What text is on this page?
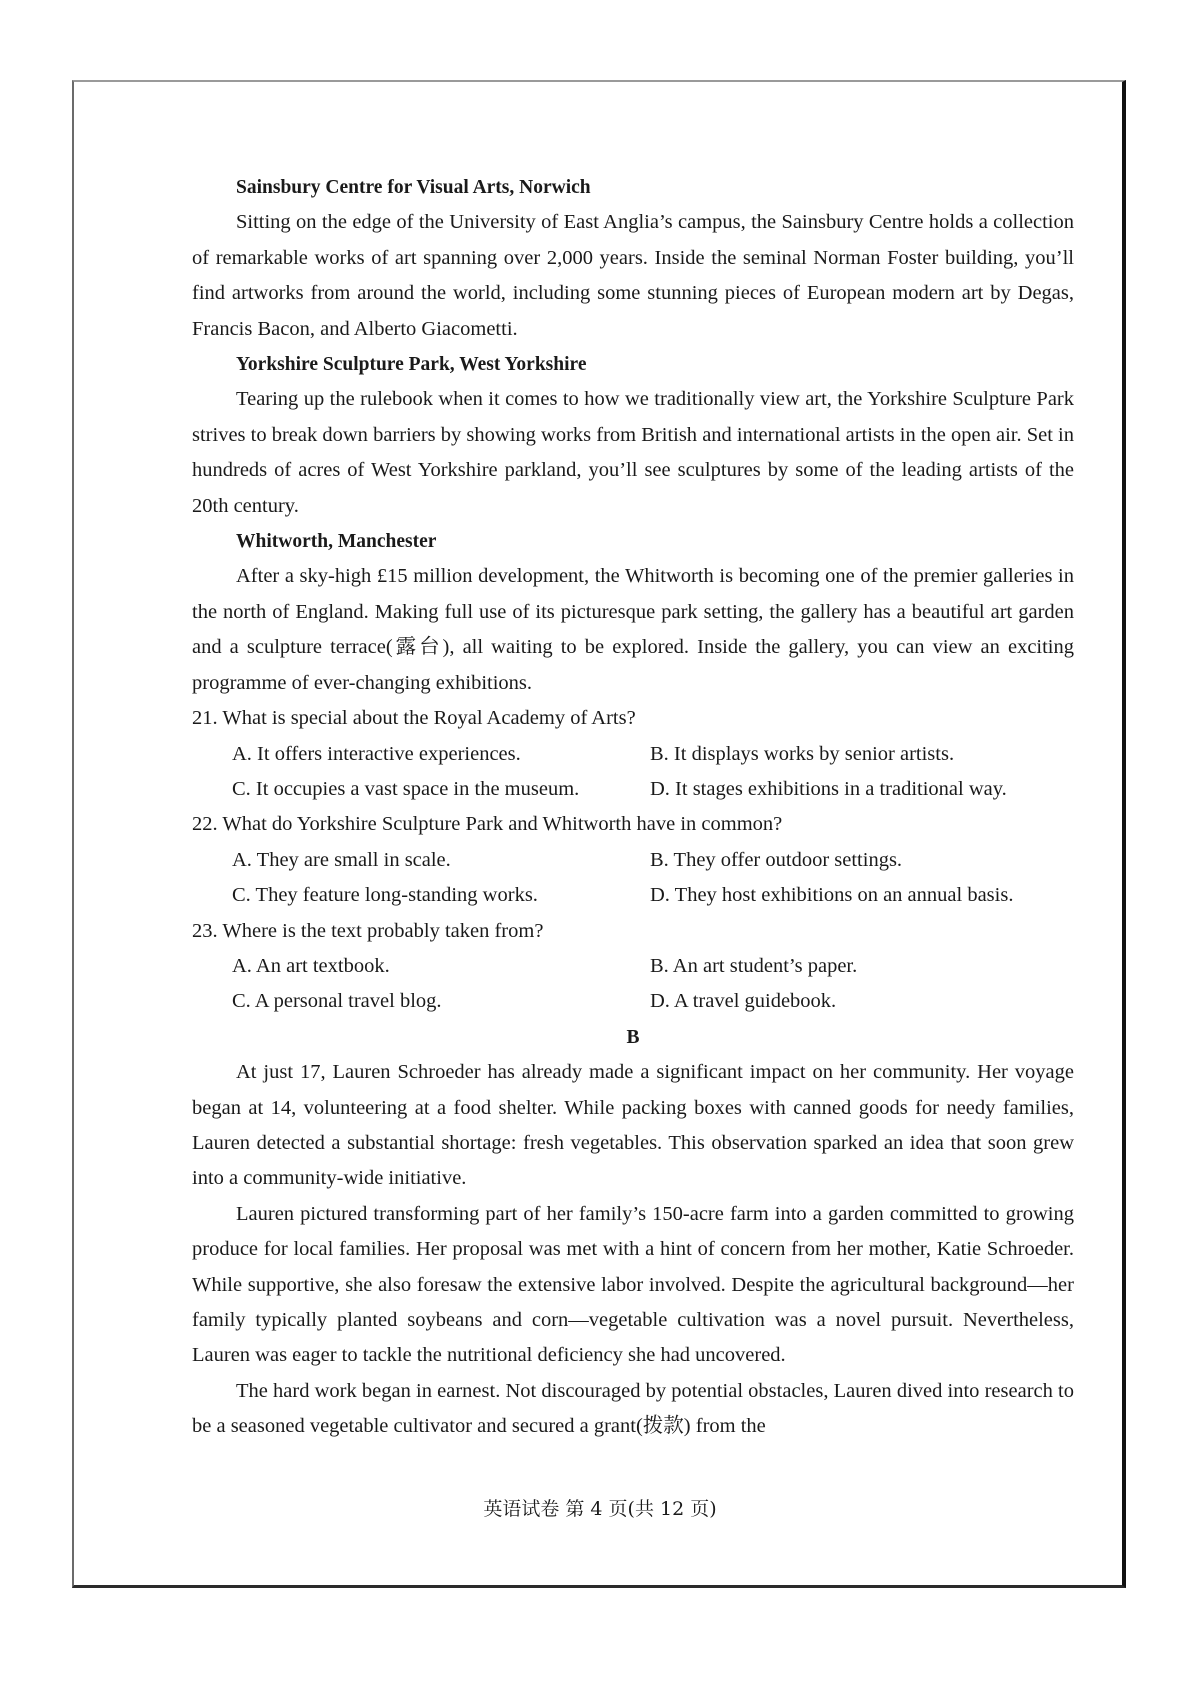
Sainsbury Centre for Visual Arts, Norwich

Sitting on the edge of the University of East Anglia’s campus, the Sainsbury Centre holds a collection of remarkable works of art spanning over 2,000 years. Inside the seminal Norman Foster building, you’ll find artworks from around the world, including some stunning pieces of European modern art by Degas, Francis Bacon, and Alberto Giacometti.

Yorkshire Sculpture Park, West Yorkshire

Tearing up the rulebook when it comes to how we traditionally view art, the Yorkshire Sculpture Park strives to break down barriers by showing works from British and international artists in the open air. Set in hundreds of acres of West Yorkshire parkland, you’ll see sculptures by some of the leading artists of the 20th century.

Whitworth, Manchester

After a sky-high £15 million development, the Whitworth is becoming one of the premier galleries in the north of England. Making full use of its picturesque park setting, the gallery has a beautiful art garden and a sculpture terrace(露台), all waiting to be explored. Inside the gallery, you can view an exciting programme of ever-changing exhibitions.

21. What is special about the Royal Academy of Arts?

A. It offers interactive experiences.	B. It displays works by senior artists.
C. It occupies a vast space in the museum.	D. It stages exhibitions in a traditional way.

22. What do Yorkshire Sculpture Park and Whitworth have in common?

A. They are small in scale.	B. They offer outdoor settings.
C. They feature long-standing works.	D. They host exhibitions on an annual basis.

23. Where is the text probably taken from?

A. An art textbook.	B. An art student’s paper.
C. A personal travel blog.	D. A travel guidebook.

B

At just 17, Lauren Schroeder has already made a significant impact on her community. Her voyage began at 14, volunteering at a food shelter. While packing boxes with canned goods for needy families, Lauren detected a substantial shortage: fresh vegetables. This observation sparked an idea that soon grew into a community-wide initiative.

Lauren pictured transforming part of her family’s 150-acre farm into a garden committed to growing produce for local families. Her proposal was met with a hint of concern from her mother, Katie Schroeder. While supportive, she also foresaw the extensive labor involved. Despite the agricultural background—her family typically planted soybeans and corn—vegetable cultivation was a novel pursuit. Nevertheless, Lauren was eager to tackle the nutritional deficiency she had uncovered.

The hard work began in earnest. Not discouraged by potential obstacles, Lauren dived into research to be a seasoned vegetable cultivator and secured a grant(拨款) from the

英语试卷 第 4 页(共 12 页)
